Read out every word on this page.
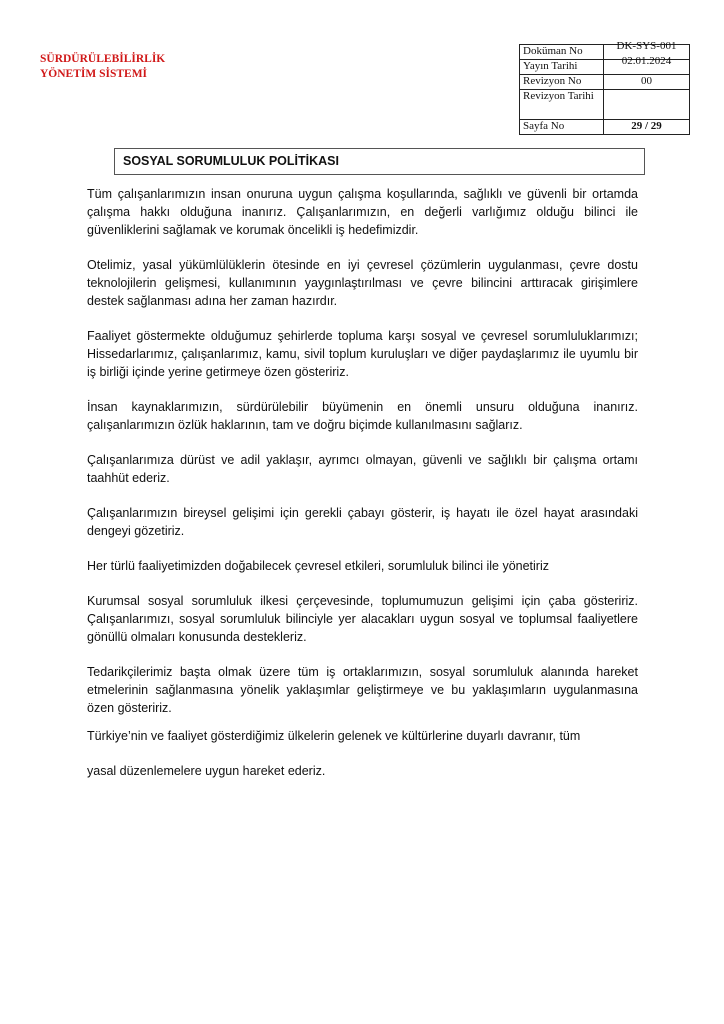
SÜRDÜRÜLEBİLİRLİK
YÖNETİM SİSTEMİ
Doküman No	DK-SYS-001
Yayın Tarihi	02.01.2024
Revizyon No	00
Revizyon Tarihi	
Sayfa No	29 / 29
SOSYAL SORUMLULUK POLİTİKASI

Tüm çalışanlarımızın insan onuruna uygun çalışma koşullarında, sağlıklı ve güvenli bir ortamda çalışma hakkı olduğuna inanırız. Çalışanlarımızın, en değerli varlığımız olduğu bilinci ile güvenliklerini sağlamak ve korumak öncelikli iş hedefimizdir.

Otelimiz, yasal yükümlülüklerin ötesinde en iyi çevresel çözümlerin uygulanması, çevre dostu teknolojilerin gelişmesi, kullanımının yaygınlaştırılması ve çevre bilincini arttıracak girişimlere destek sağlanması adına her zaman hazırdır.

Faaliyet göstermekte olduğumuz şehirlerde topluma karşı sosyal ve çevresel sorumluluklarımızı; Hissedarlarımız, çalışanlarımız, kamu, sivil toplum kuruluşları ve diğer paydaşlarımız ile uyumlu bir iş birliği içinde yerine getirmeye özen gösteririz.

İnsan kaynaklarımızın, sürdürülebilir büyümenin en önemli unsuru olduğuna inanırız. çalışanlarımızın özlük haklarının, tam ve doğru biçimde kullanılmasını sağlarız.

Çalışanlarımıza dürüst ve adil yaklaşır, ayrımcı olmayan, güvenli ve sağlıklı bir çalışma ortamı taahhüt ederiz.

Çalışanlarımızın bireysel gelişimi için gerekli çabayı gösterir, iş hayatı ile özel hayat arasındaki dengeyi gözetiriz.

Her türlü faaliyetimizden doğabilecek çevresel etkileri, sorumluluk bilinci ile yönetiriz

Kurumsal sosyal sorumluluk ilkesi çerçevesinde, toplumumuzun gelişimi için çaba gösteririz. Çalışanlarımızı, sosyal sorumluluk bilinciyle yer alacakları uygun sosyal ve toplumsal faaliyetlere gönüllü olmaları konusunda destekleriz.

Tedarikçilerimiz başta olmak üzere tüm iş ortaklarımızın, sosyal sorumluluk alanında hareket etmelerinin sağlanmasına yönelik yaklaşımlar geliştirmeye ve bu yaklaşımların uygulanmasına özen gösteririz.

Türkiye’nin ve faaliyet gösterdiğimiz ülkelerin gelenek ve kültürlerine duyarlı davranır, tüm

yasal düzenlemelere uygun hareket ederiz.
